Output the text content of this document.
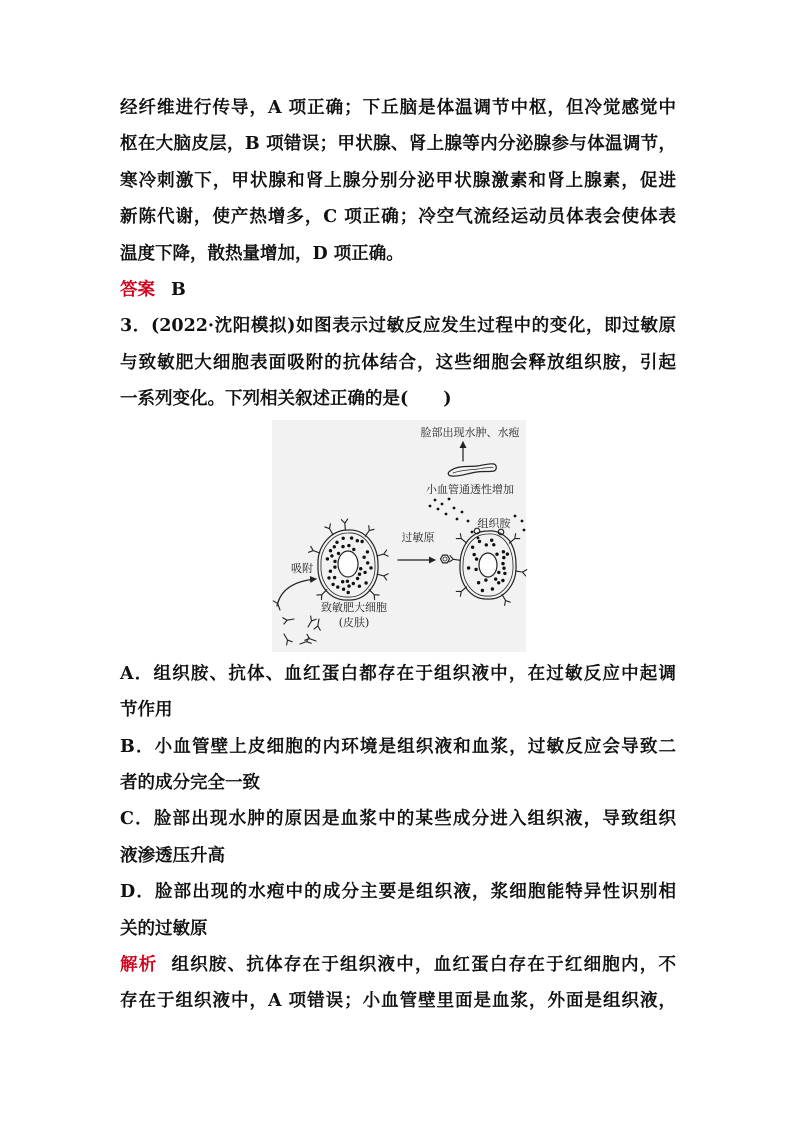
经纤维进行传导，A 项正确；下丘脑是体温调节中枢，但冷觉感觉中
枢在大脑皮层，B 项错误；甲状腺、肾上腺等内分泌腺参与体温调节，
寒冷刺激下，甲状腺和肾上腺分别分泌甲状腺激素和肾上腺素，促进
新陈代谢，使产热增多，C 项正确；冷空气流经运动员体表会使体表
温度下降，散热量增加，D 项正确。
答案 B
3．(2022·沈阳模拟)如图表示过敏反应发生过程中的变化，即过敏原
与致敏肥大细胞表面吸附的抗体结合，这些细胞会释放组织胺，引起
一系列变化。下列相关叙述正确的是(　　)
脸部出现水肿、水疱
小血管通透性增加
组织胺
致敏肥大细胞
(皮肤)
吸附
过敏原
A．组织胺、抗体、血红蛋白都存在于组织液中，在过敏反应中起调
节作用
B．小血管壁上皮细胞的内环境是组织液和血浆，过敏反应会导致二
者的成分完全一致
C．脸部出现水肿的原因是血浆中的某些成分进入组织液，导致组织
液渗透压升高
D．脸部出现的水疱中的成分主要是组织液，浆细胞能特异性识别相
关的过敏原
解析 组织胺、抗体存在于组织液中，血红蛋白存在于红细胞内，不
存在于组织液中，A 项错误；小血管壁里面是血浆，外面是组织液，
